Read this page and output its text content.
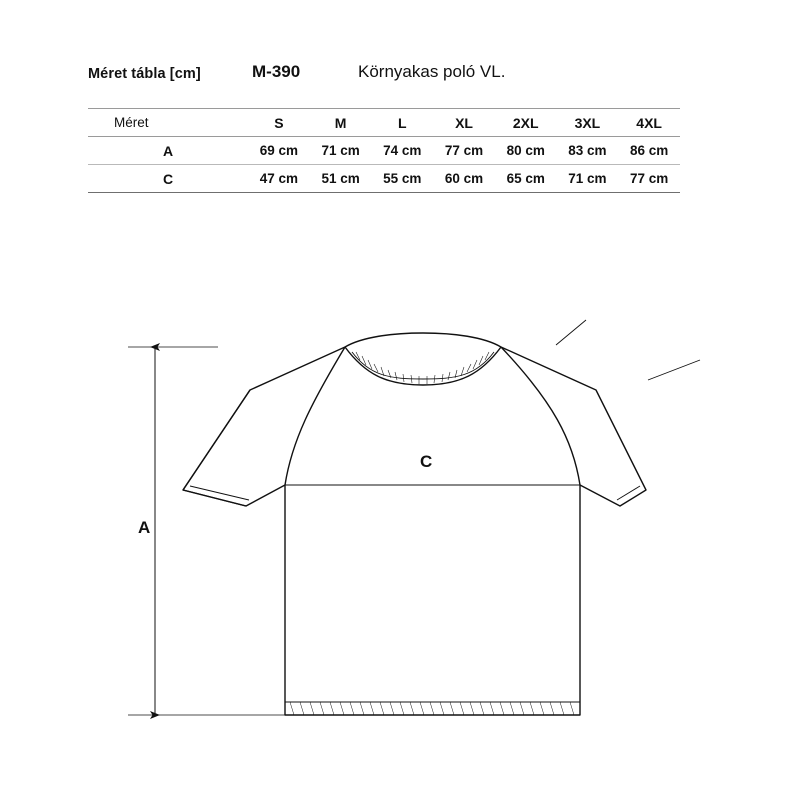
Méret tábla [cm]	M-390	Környakas poló VL.
Méret	S	M	L	XL	2XL	3XL	4XL
A	69 cm	71 cm	74 cm	77 cm	80 cm	83 cm	86 cm
C	47 cm	51 cm	55 cm	60 cm	65 cm	71 cm	77 cm
A
C
